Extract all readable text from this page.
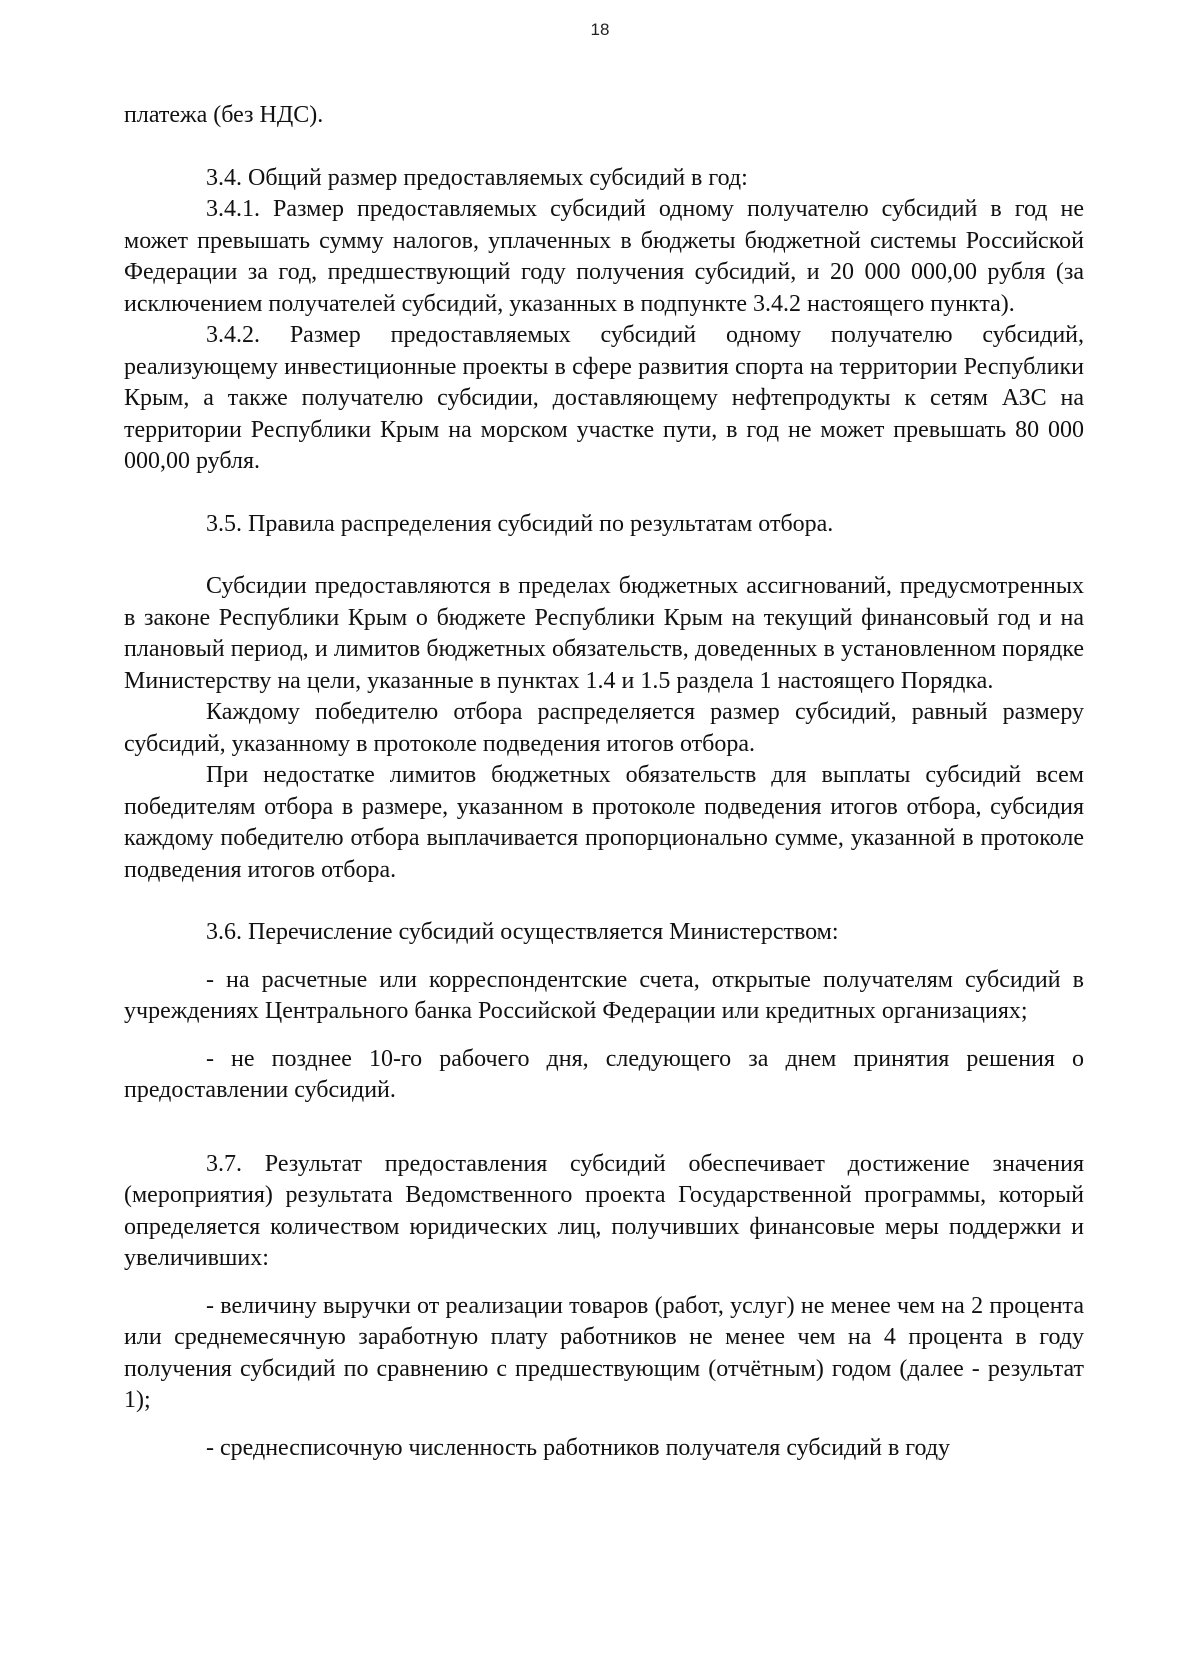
18

платежа (без НДС).

3.4. Общий размер предоставляемых субсидий в год:

3.4.1. Размер предоставляемых субсидий одному получателю субсидий в год не может превышать сумму налогов, уплаченных в бюджеты бюджетной системы Российской Федерации за год, предшествующий году получения субсидий, и 20 000 000,00 рубля (за исключением получателей субсидий, указанных в подпункте 3.4.2 настоящего пункта).

3.4.2. Размер предоставляемых субсидий одному получателю субсидий, реализующему инвестиционные проекты в сфере развития спорта на территории Республики Крым, а также получателю субсидии, доставляющему нефтепродукты к сетям АЗС на территории Республики Крым на морском участке пути, в год не может превышать 80 000 000,00 рубля.

3.5. Правила распределения субсидий по результатам отбора.

Субсидии предоставляются в пределах бюджетных ассигнований, предусмотренных в законе Республики Крым о бюджете Республики Крым на текущий финансовый год и на плановый период, и лимитов бюджетных обязательств, доведенных в установленном порядке Министерству на цели, указанные в пунктах 1.4 и 1.5 раздела 1 настоящего Порядка.

Каждому победителю отбора распределяется размер субсидий, равный размеру субсидий, указанному в протоколе подведения итогов отбора.

При недостатке лимитов бюджетных обязательств для выплаты субсидий всем победителям отбора в размере, указанном в протоколе подведения итогов отбора, субсидия каждому победителю отбора выплачивается пропорционально сумме, указанной в протоколе подведения итогов отбора.

3.6. Перечисление субсидий осуществляется Министерством:

- на расчетные или корреспондентские счета, открытые получателям субсидий в учреждениях Центрального банка Российской Федерации или кредитных организациях;

- не позднее 10-го рабочего дня, следующего за днем принятия решения о предоставлении субсидий.

3.7. Результат предоставления субсидий обеспечивает достижение значения (мероприятия) результата Ведомственного проекта Государственной программы, который определяется количеством юридических лиц, получивших финансовые меры поддержки и увеличивших:

- величину выручки от реализации товаров (работ, услуг) не менее чем на 2 процента или среднемесячную заработную плату работников не менее чем на 4 процента в году получения субсидий по сравнению с предшествующим (отчётным) годом (далее - результат 1);

- среднесписочную численность работников получателя субсидий в году
